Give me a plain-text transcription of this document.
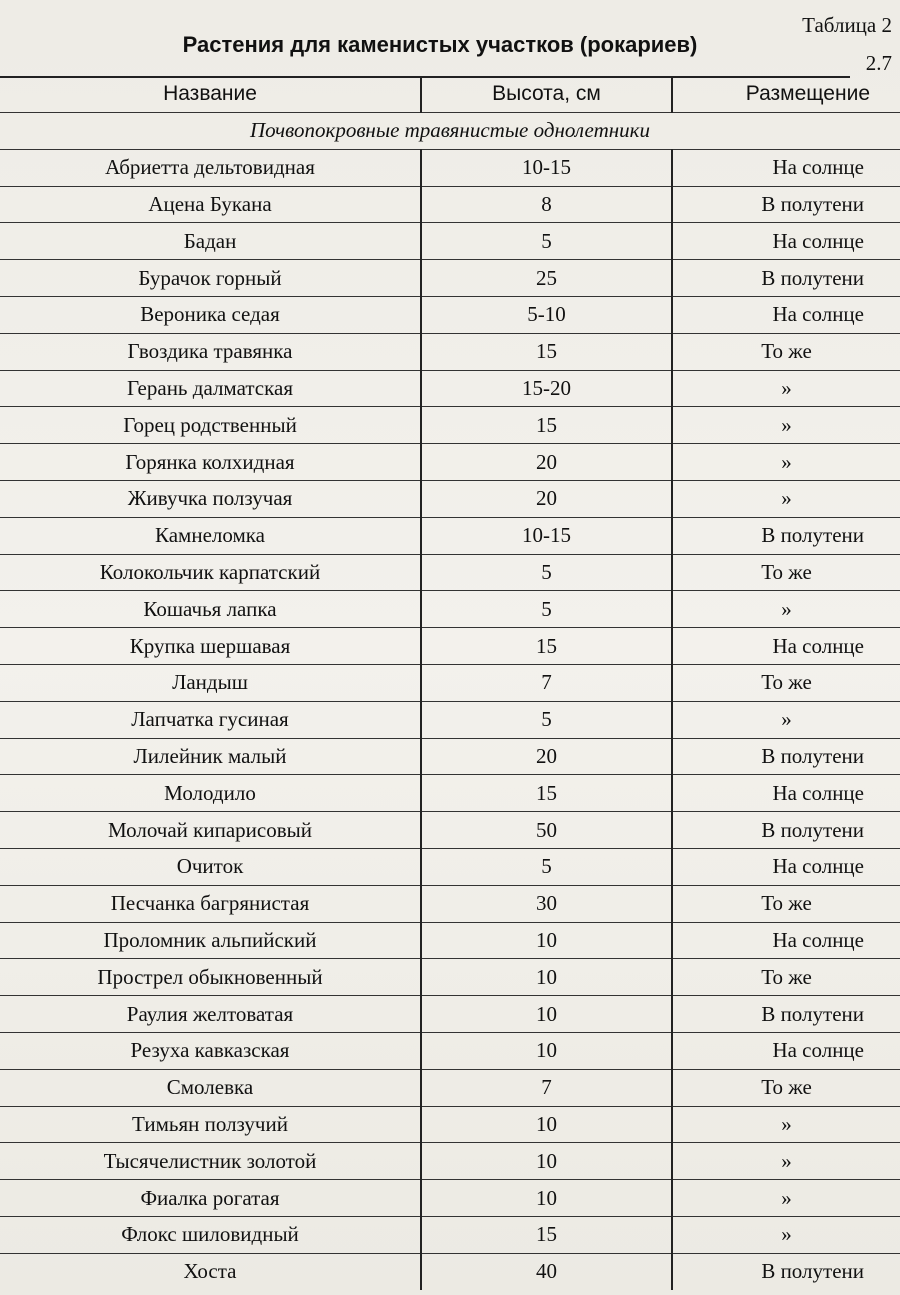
Таблица 2
2.7
Растения для каменистых участков (рокариев)
Название	Высота, см	Размещение
Почвопокровные травянистые однолетники		
Абриетта дельтовидная	10-15	На солнце
Ацена Букана	8	В полутени
Бадан	5	На солнце
Бурачок горный	25	В полутени
Вероника седая	5-10	На солнце
Гвоздика травянка	15	То же
Герань далматская	15-20	»
Горец родственный	15	»
Горянка колхидная	20	»
Живучка ползучая	20	»
Камнеломка	10-15	В полутени
Колокольчик карпатский	5	То же
Кошачья лапка	5	»
Крупка шершавая	15	На солнце
Ландыш	7	То же
Лапчатка гусиная	5	»
Лилейник малый	20	В полутени
Молодило	15	На солнце
Молочай кипарисовый	50	В полутени
Очиток	5	На солнце
Песчанка багрянистая	30	То же
Проломник альпийский	10	На солнце
Прострел обыкновенный	10	То же
Раулия желтоватая	10	В полутени
Резуха кавказская	10	На солнце
Смолевка	7	То же
Тимьян ползучий	10	»
Тысячелистник золотой	10	»
Фиалка рогатая	10	»
Флокс шиловидный	15	»
Хоста	40	В полутени
